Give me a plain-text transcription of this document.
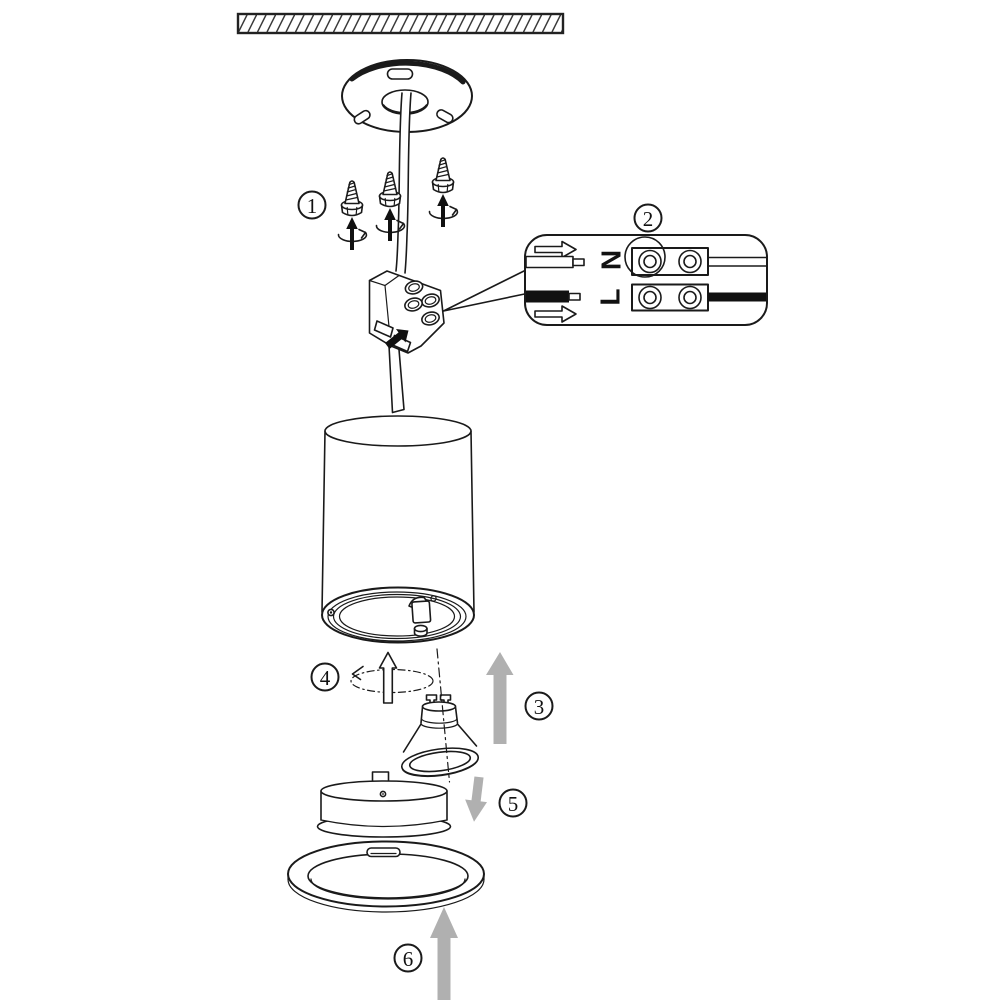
1
N
L
2
3
4
5
6
